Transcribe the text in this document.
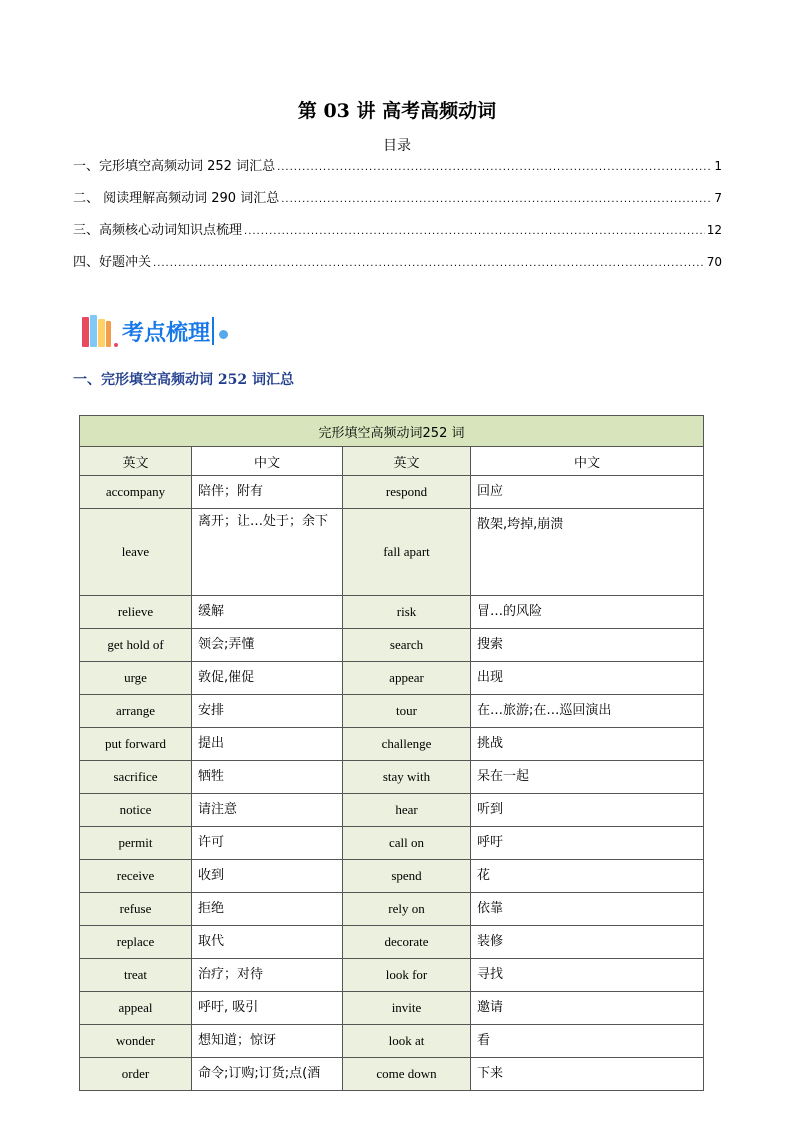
第 03 讲 高考高频动词
目录
一、完形填空高频动词 252 词汇总 .....	1
二、 阅读理解高频动词 290 词汇总 .....	7
三、高频核心动词知识点梳理 .....	12
四、好题冲关 .....	70
考点梳理
一、完形填空高频动词 252 词汇总
完形填空高频动词252 词			
英文	中文	英文	中文
accompany	陪伴；附有	respond	回应
leave	离开；让…处于；余下	fall apart	散架,垮掉,崩溃
relieve	缓解	risk	冒…的风险
get hold of	领会;弄懂	search	搜索
urge	敦促,催促	appear	出现
arrange	安排	tour	在…旅游;在…巡回演出
put forward	提出	challenge	挑战
sacrifice	牺牲	stay with	呆在一起
notice	请注意	hear	听到
permit	许可	call on	呼吁
receive	收到	spend	花
refuse	拒绝	rely on	依靠
replace	取代	decorate	装修
treat	治疗；对待	look for	寻找
appeal	呼吁, 吸引	invite	邀请
wonder	想知道；惊讶	look at	看
order	命令;订购;订货;点(酒	come down	下来
